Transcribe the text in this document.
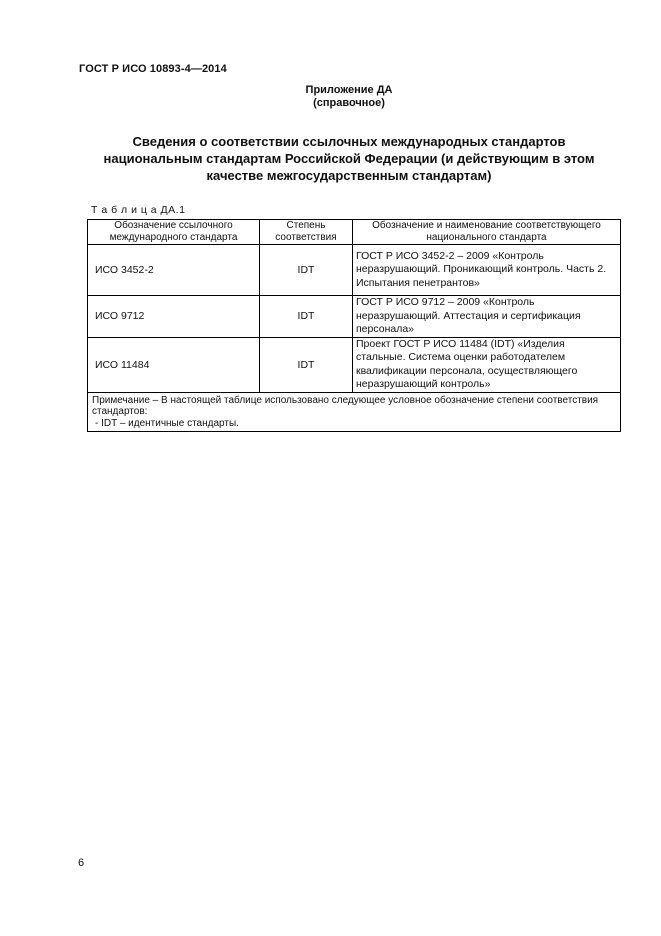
ГОСТ Р ИСО 10893-4—2014
Приложение ДА
(справочное)
Сведения о соответствии ссылочных международных стандартов
национальным стандартам Российской Федерации (и действующим в этом
качестве межгосударственным стандартам)
Т а б л и ц а ДА.1
Обозначение ссылочного международного стандарта	Степень соответствия	Обозначение и наименование соответствующего национального стандарта
ИСО 3452-2	IDT	ГОСТ Р ИСО 3452-2 – 2009 «Контроль неразрушающий. Проникающий контроль. Часть 2. Испытания пенетрантов»
ИСО 9712	IDT	ГОСТ Р ИСО 9712 – 2009 «Контроль неразрушающий. Аттестация и сертификация персонала»
ИСО 11484	IDT	Проект ГОСТ Р ИСО 11484 (IDT) «Изделия стальные. Система оценки работодателем квалификации персонала, осуществляющего неразрушающий контроль»

Примечание – В настоящей таблице использовано следующее условное обозначение степени соответствия стандартов:
- IDT – идентичные стандарты.		
6
